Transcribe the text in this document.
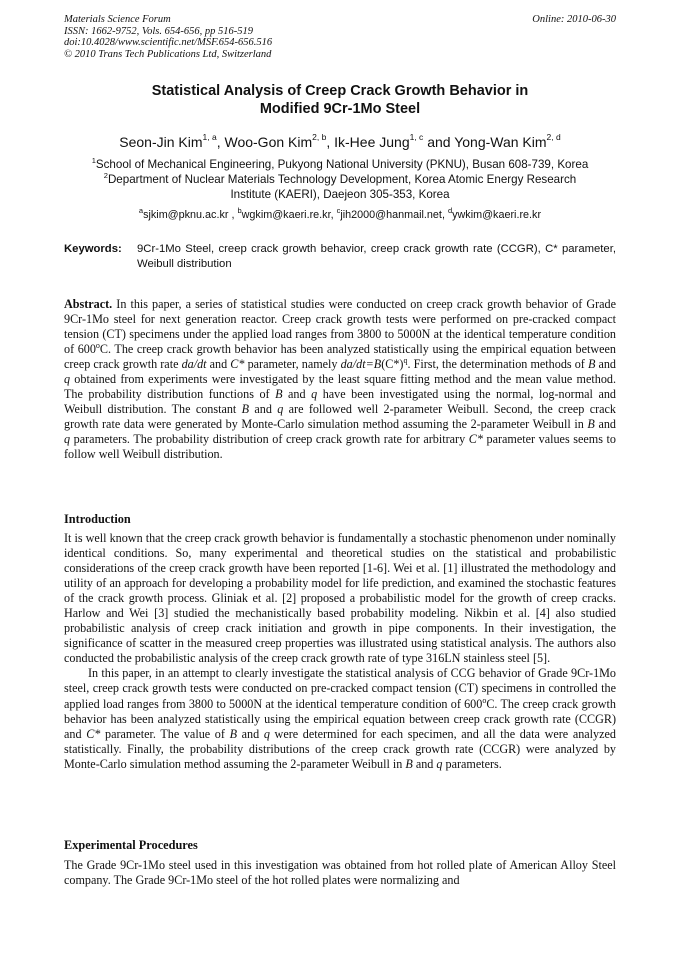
Materials Science Forum
ISSN: 1662-9752, Vols. 654-656, pp 516-519
doi:10.4028/www.scientific.net/MSF.654-656.516
© 2010 Trans Tech Publications Ltd, Switzerland
Online: 2010-06-30
Statistical Analysis of Creep Crack Growth Behavior in
Modified 9Cr-1Mo Steel
Seon-Jin Kim$^{1, a}$, Woo-Gon Kim$^{2, b}$, Ik-Hee Jung$^{1, c}$ and Yong-Wan Kim$^{2, d}$
$^1$School of Mechanical Engineering, Pukyong National University (PKNU), Busan 608-739, Korea
$^2$Department of Nuclear Materials Technology Development, Korea Atomic Energy Research
Institute (KAERI), Daejeon 305-353, Korea
$^a$sjkim@pknu.ac.kr , $^b$wgkim@kaeri.re.kr, $^c$jih2000@hanmail.net, $^d$ywkim@kaeri.re.kr
Keywords: 9Cr-1Mo Steel, creep crack growth behavior, creep crack growth rate (CCGR), C* parameter, Weibull distribution
Abstract. In this paper, a series of statistical studies were conducted on creep crack growth behavior of Grade 9Cr-1Mo steel for next generation reactor. Creep crack growth tests were performed on pre-cracked compact tension (CT) specimens under the applied load ranges from 3800 to 5000N at the identical temperature condition of 600$^o$C. The creep crack growth behavior has been analyzed statistically using the empirical equation between creep crack growth rate da/dt and C* parameter, namely $da/dt=B(C*)^q$. First, the determination methods of B and q obtained from experiments were investigated by the least square fitting method and the mean value method. The probability distribution functions of B and q have been investigated using the normal, log-normal and Weibull distribution. The constant B and q are followed well 2-parameter Weibull. Second, the creep crack growth rate data were generated by Monte-Carlo simulation method assuming the 2-parameter Weibull in B and q parameters. The probability distribution of creep crack growth rate for arbitrary C* parameter values seems to follow well Weibull distribution.
Introduction
It is well known that the creep crack growth behavior is fundamentally a stochastic phenomenon under nominally identical conditions. So, many experimental and theoretical studies on the statistical and probabilistic considerations of the creep crack growth have been reported [1-6]. Wei et al. [1] illustrated the methodology and utility of an approach for developing a probability model for life prediction, and examined the stochastic features of the crack growth process. Gliniak et al. [2] proposed a probabilistic model for the growth of creep cracks. Harlow and Wei [3] studied the mechanistically based probability modeling. Nikbin et al. [4] also studied probabilistic analysis of creep crack initiation and growth in pipe components. In their investigation, the significance of scatter in the measured creep properties was illustrated using statistical analysis. The authors also conducted the probabilistic analysis of the creep crack growth rate of type 316LN stainless steel [5].
In this paper, in an attempt to clearly investigate the statistical analysis of CCG behavior of Grade 9Cr-1Mo steel, creep crack growth tests were conducted on pre-cracked compact tension (CT) specimens in controlled the applied load ranges from 3800 to 5000N at the identical temperature condition of 600$^o$C. The creep crack growth behavior has been analyzed statistically using the empirical equation between creep crack growth rate (CCGR) and C* parameter. The value of B and q were determined for each specimen, and all the data were analyzed statistically. Finally, the probability distributions of the creep crack growth rate (CCGR) were analyzed by Monte-Carlo simulation method assuming the 2-parameter Weibull in B and q parameters.
Experimental Procedures
The Grade 9Cr-1Mo steel used in this investigation was obtained from hot rolled plate of American Alloy Steel company. The Grade 9Cr-1Mo steel of the hot rolled plates were normalizing and
